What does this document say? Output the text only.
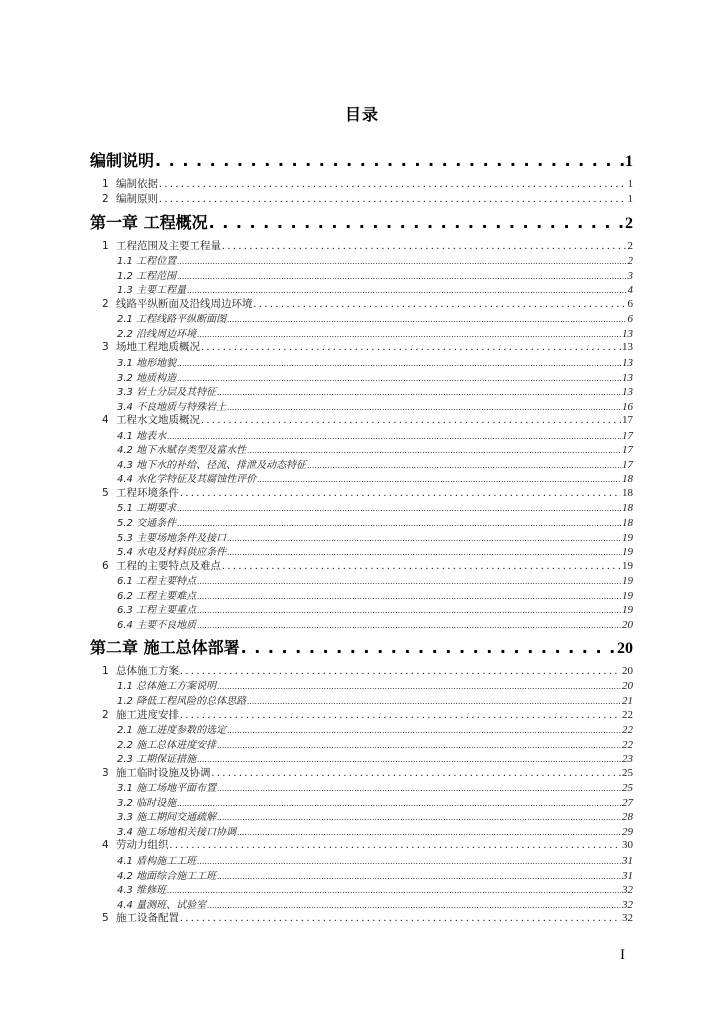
目录
编制说明 . . .	1
1 编制依据 . . .	1
2 编制原则 . . .	1
第一章 工程概况 . . .	2
1 工程范围及主要工程量 . . .	2
1.1 工程位置 .....	2
1.2 工程范围 .....	3
1.3 主要工程量 .....	4
2 线路平纵断面及沿线周边环境 . . .	6
2.1 工程线路平纵断面图 .....	6
2.2 沿线周边环境 .....	13
3 场地工程地质概况 . . .	13
3.1 地形地貌 .....	13
3.2 地质构造 .....	13
3.3 岩土分层及其特征 .....	13
3.4 不良地质与特殊岩土 .....	16
4 工程水文地质概况 . . .	17
4.1 地表水 .....	17
4.2 地下水赋存类型及富水性 .....	17
4.3 地下水的补给、径流、排泄及动态特征 .....	17
4.4 水化学特征及其腐蚀性评价 .....	18
5 工程环境条件 . . .	18
5.1 工期要求 .....	18
5.2 交通条件 .....	18
5.3 主要场地条件及接口 .....	19
5.4 水电及材料供应条件 .....	19
6 工程的主要特点及难点 . . .	19
6.1 工程主要特点 .....	19
6.2 工程主要难点 .....	19
6.3 工程主要重点 .....	19
6.4 主要不良地质 .....	20
第二章 施工总体部署 . . .	20
1 总体施工方案 . . .	20
1.1 总体施工方案说明 .....	20
1.2 降低工程风险的总体思路 .....	21
2 施工进度安排 . . .	22
2.1 施工进度参数的选定 .....	22
2.2 施工总体进度安排 .....	22
2.3 工期保证措施 .....	23
3 施工临时设施及协调 . . .	25
3.1 施工场地平面布置 .....	25
3.2 临时设施 .....	27
3.3 施工期间交通疏解 .....	28
3.4 施工场地相关接口协调 .....	29
4 劳动力组织 . . .	30
4.1 盾构施工工班 .....	31
4.2 地面综合施工工班 .....	31
4.3 维修班 .....	32
4.4 量测班、试验室 .....	32
5 施工设备配置 . . .	32
I
